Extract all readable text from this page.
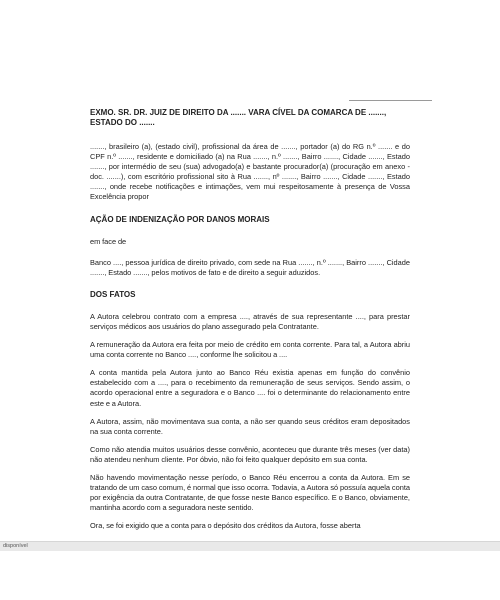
EXMO. SR. DR. JUIZ DE DIREITO DA ....... VARA CÍVEL DA COMARCA DE ......., ESTADO DO .......

......., brasileiro (a), (estado civil), profissional da área de ......., portador (a) do RG n.º ....... e do CPF n.º ......., residente e domiciliado (a) na Rua ......., n.º ......., Bairro ......., Cidade ......., Estado ......., por intermédio de seu (sua) advogado(a) e bastante procurador(a) (procuração em anexo - doc. .......), com escritório profissional sito à Rua ......., nº ......., Bairro ......., Cidade ......., Estado ......., onde recebe notificações e intimações, vem mui respeitosamente à presença de Vossa Excelência propor

AÇÃO DE INDENIZAÇÃO POR DANOS MORAIS

em face de

Banco ...., pessoa jurídica de direito privado, com sede na Rua ......., n.º ......., Bairro ......., Cidade ......., Estado ......., pelos motivos de fato e de direito a seguir aduzidos.

DOS FATOS

A Autora celebrou contrato com a empresa ...., através de sua representante ...., para prestar serviços médicos aos usuários do plano assegurado pela Contratante.

A remuneração da Autora era feita por meio de crédito em conta corrente. Para tal, a Autora abriu uma conta corrente no Banco ...., conforme lhe solicitou a ....

A conta mantida pela Autora junto ao Banco Réu existia apenas em função do convênio estabelecido com a ...., para o recebimento da remuneração de seus serviços. Sendo assim, o acordo operacional entre a seguradora e o Banco .... foi o determinante do relacionamento entre este e a Autora.

A Autora, assim, não movimentava sua conta, a não ser quando seus créditos eram depositados na sua conta corrente.

Como não atendia muitos usuários desse convênio, aconteceu que durante três meses (ver data) não atendeu nenhum cliente. Por óbvio, não foi feito qualquer depósito em sua conta.

Não havendo movimentação nesse período, o Banco Réu encerrou a conta da Autora. Em se tratando de um caso comum, é normal que isso ocorra. Todavia, a Autora só possuía aquela conta por exigência da outra Contratante, de que fosse neste Banco específico. E o Banco, obviamente, mantinha acordo com a seguradora neste sentido.

Ora, se foi exigido que a conta para o depósito dos créditos da Autora, fosse aberta

disponível
